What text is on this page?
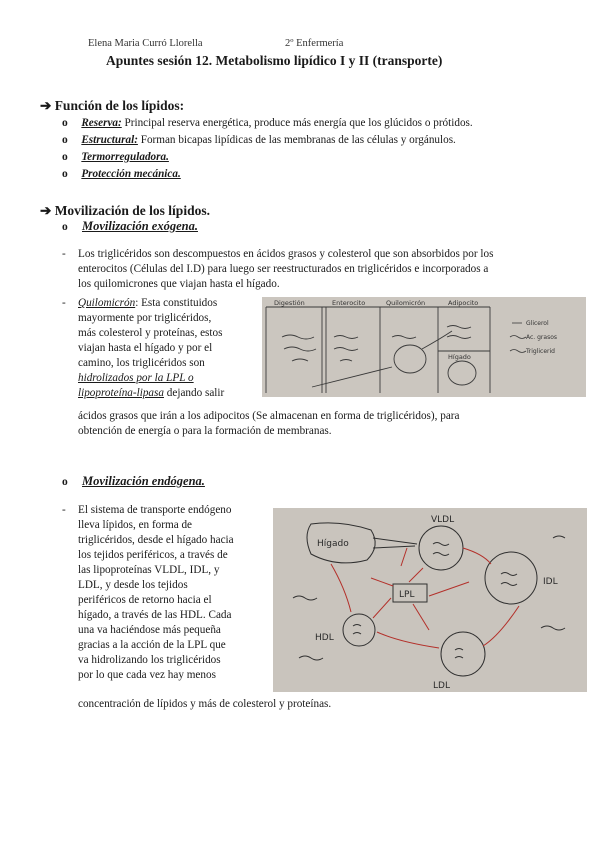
Elena Maria Curró Llorella	2º Enfermería
Apuntes sesión 12. Metabolismo lipídico I y II (transporte)
➔ Función de los lípidos:
o Reserva: Principal reserva energética, produce más energía que los glúcidos o prótidos.
o Estructural: Forman bicapas lipídicas de las membranas de las células y orgánulos.
o Termorreguladora.
o Protección mecánica.
➔ Movilización de los lípidos.
o Movilización exógena.
- Los triglicéridos son descompuestos en ácidos grasos y colesterol que son absorbidos por los
enterocitos (Células del I.D) para luego ser reestructurados en triglicéridos e incorporados a
los quilomicrones que viajan hasta el hígado.
- Quilomicrón: Esta constituidos
mayormente por triglicéridos,
más colesterol y proteínas, estos
viajan hasta el hígado y por el
camino, los triglicéridos son
hidrolizados por la LPL o
lipoproteína-lipasa dejando salir
ácidos grasos que irán a los adipocitos (Se almacenan en forma de triglicéridos), para
obtención de energía o para la formación de membranas.
Digestión	Enterocito	Quilomicrón	Adipocito
Hígado
Glicerol
Ac. grasos
Triglicerid
o Movilización endógena.
- El sistema de transporte endógeno
lleva lípidos, en forma de
triglicéridos, desde el hígado hacia
los tejidos periféricos, a través de
las lipoproteínas VLDL, IDL, y
LDL, y desde los tejidos
periféricos de retorno hacia el
hígado, a través de las HDL. Cada
una va haciéndose más pequeña
gracias a la acción de la LPL que
va hidrolizando los triglicéridos
por lo que cada vez hay menos
concentración de lípidos y más de colesterol y proteínas.
Hígado
VLDL
IDL
LPL
HDL
LDL
